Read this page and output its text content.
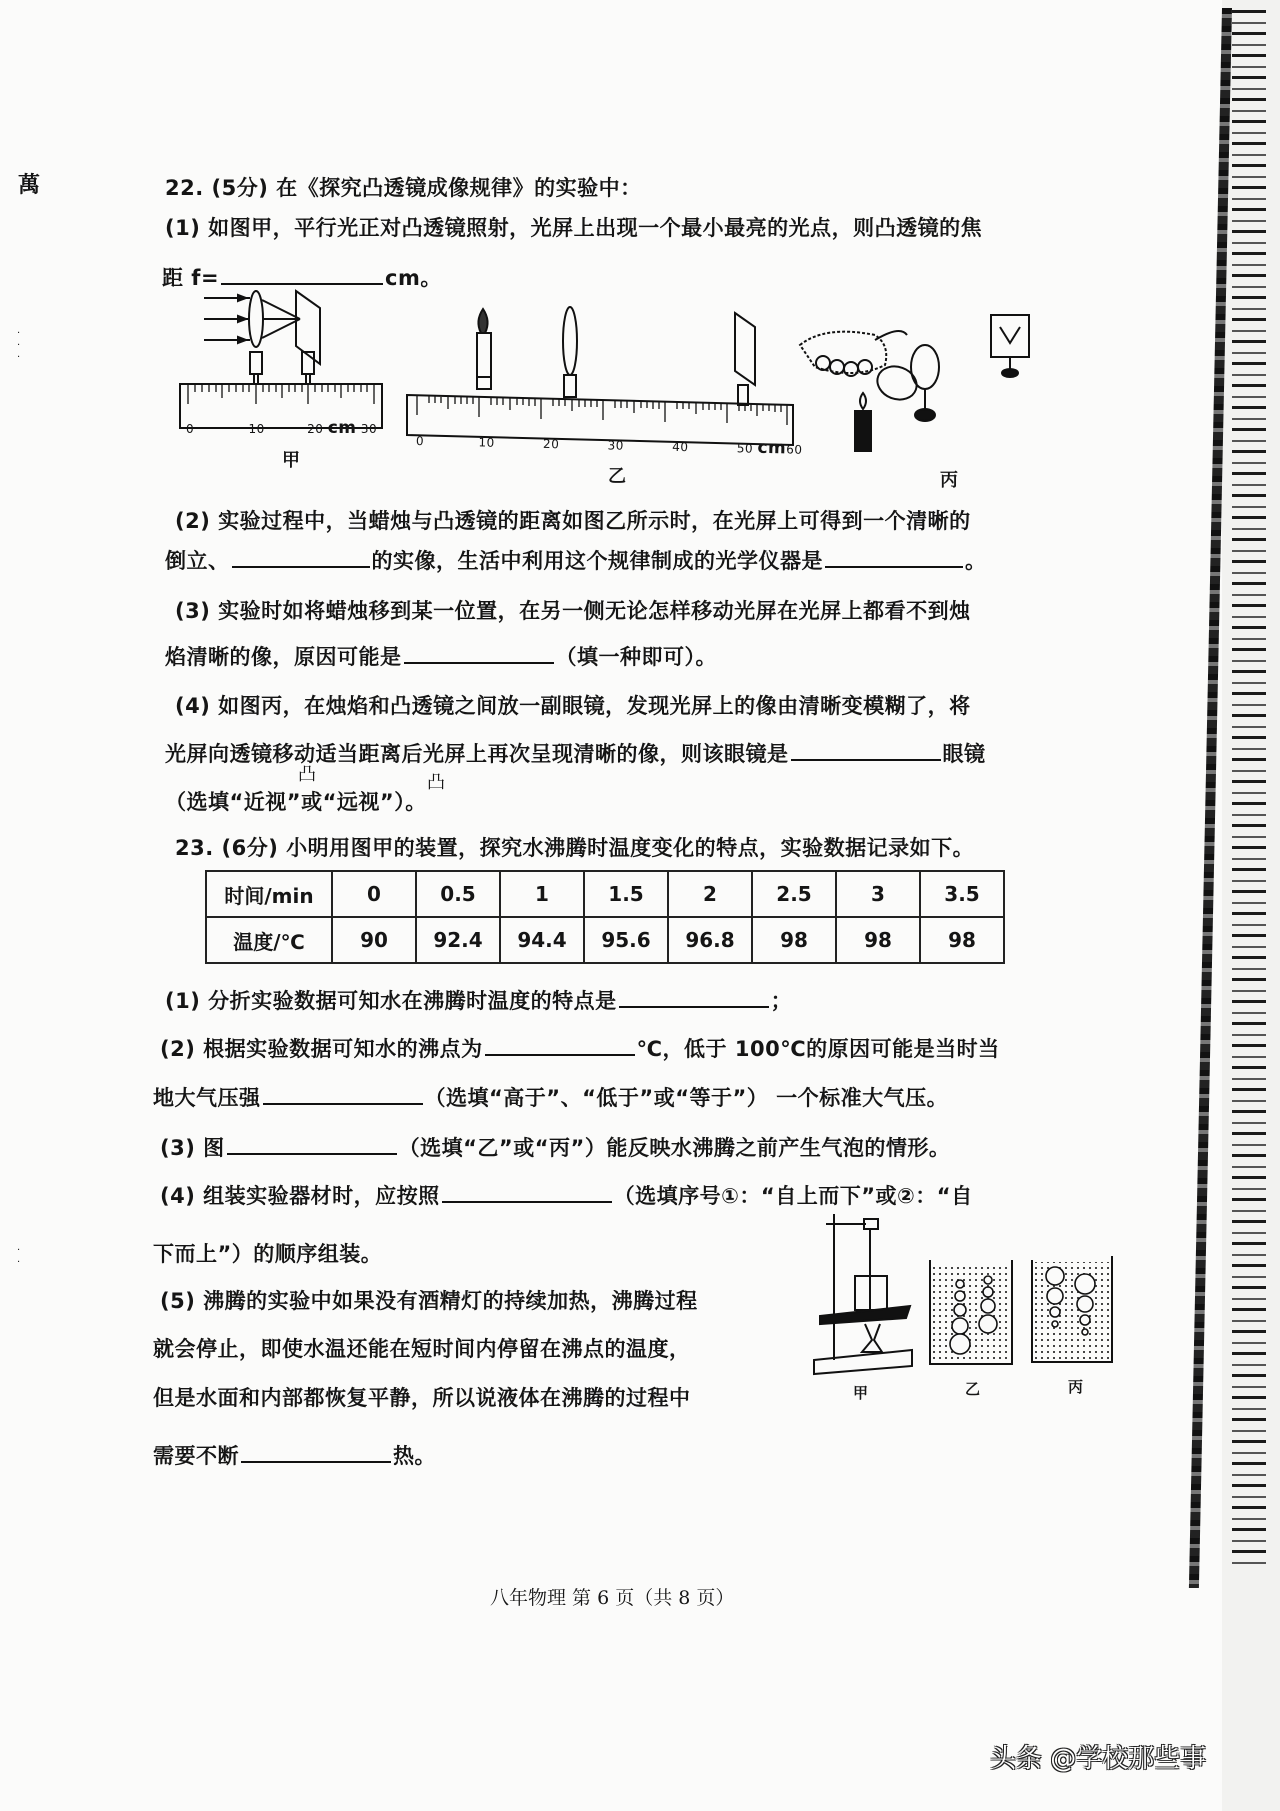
萬
·
·
·
·
·
22. (5分) 在《探究凸透镜成像规律》的实验中：
(1) 如图甲，平行光正对凸透镜照射，光屏上出现一个最小最亮的光点，则凸透镜的焦
距 f=	cm。
0	10	20 cm 30
甲
0	10	20	30	40	50 cm60
乙	丙
(2) 实验过程中，当蜡烛与凸透镜的距离如图乙所示时，在光屏上可得到一个清晰的
倒立、	的实像，生活中利用这个规律制成的光学仪器是	。
(3) 实验时如将蜡烛移到某一位置，在另一侧无论怎样移动光屏在光屏上都看不到烛
焰清晰的像，原因可能是	（填一种即可）。
(4) 如图丙，在烛焰和凸透镜之间放一副眼镜，发现光屏上的像由清晰变模糊了，将
光屏向透镜移动适当距离后光屏上再次呈现清晰的像，则该眼镜是	眼镜
凸	凸
（选填“近视”或“远视”）。
23. (6分) 小明用图甲的装置，探究水沸腾时温度变化的特点，实验数据记录如下。
时间/min	0	0.5	1	1.5	2	2.5	3	3.5
温度/℃	90	92.4	94.4	95.6	96.8	98	98	98
(1) 分折实验数据可知水在沸腾时温度的特点是	；
(2) 根据实验数据可知水的沸点为	℃，低于 100℃的原因可能是当时当
地大气压强	（选填“高于”、“低于”或“等于”） 一个标准大气压。
(3) 图	（选填“乙”或“丙”）能反映水沸腾之前产生气泡的情形。
(4) 组装实验器材时，应按照	（选填序号①：“自上而下”或②：“自
下而上”）的顺序组装。
(5) 沸腾的实验中如果没有酒精灯的持续加热，沸腾过程
就会停止，即使水温还能在短时间内停留在沸点的温度，
但是水面和内部都恢复平静，所以说液体在沸腾的过程中
需要不断	热。
甲	乙	丙
八年物理 第 6 页（共 8 页）
头条 @学校那些事
